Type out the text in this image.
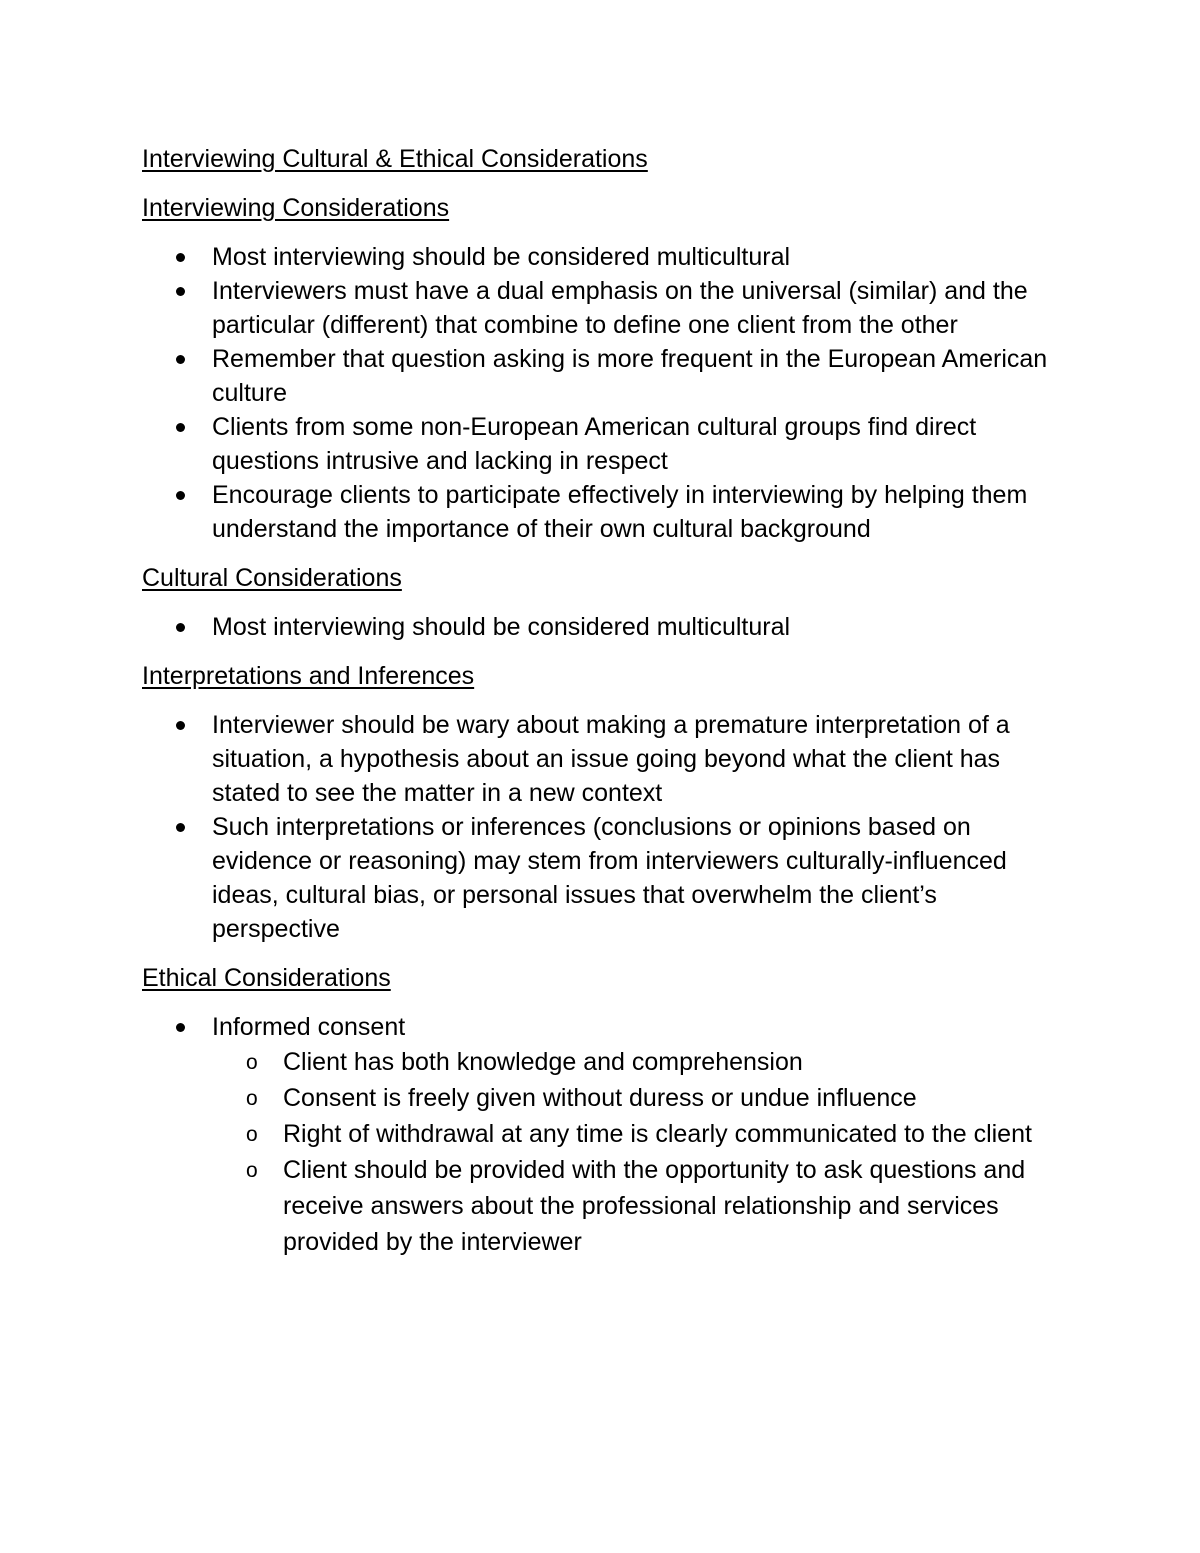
Interviewing Cultural & Ethical Considerations
Interviewing Considerations
Most interviewing should be considered multicultural
Interviewers must have a dual emphasis on the universal (similar) and the particular (different) that combine to define one client from the other
Remember that question asking is more frequent in the European American culture
Clients from some non-European American cultural groups find direct questions intrusive and lacking in respect
Encourage clients to participate effectively in interviewing by helping them understand the importance of their own cultural background
Cultural Considerations
Most interviewing should be considered multicultural
Interpretations and Inferences
Interviewer should be wary about making a premature interpretation of a situation, a hypothesis about an issue going beyond what the client has stated to see the matter in a new context
Such interpretations or inferences (conclusions or opinions based on evidence or reasoning) may stem from interviewers culturally-influenced ideas, cultural bias, or personal issues that overwhelm the client’s perspective
Ethical Considerations
Informed consent
o Client has both knowledge and comprehension
o Consent is freely given without duress or undue influence
o Right of withdrawal at any time is clearly communicated to the client
o Client should be provided with the opportunity to ask questions and receive answers about the professional relationship and services provided by the interviewer
